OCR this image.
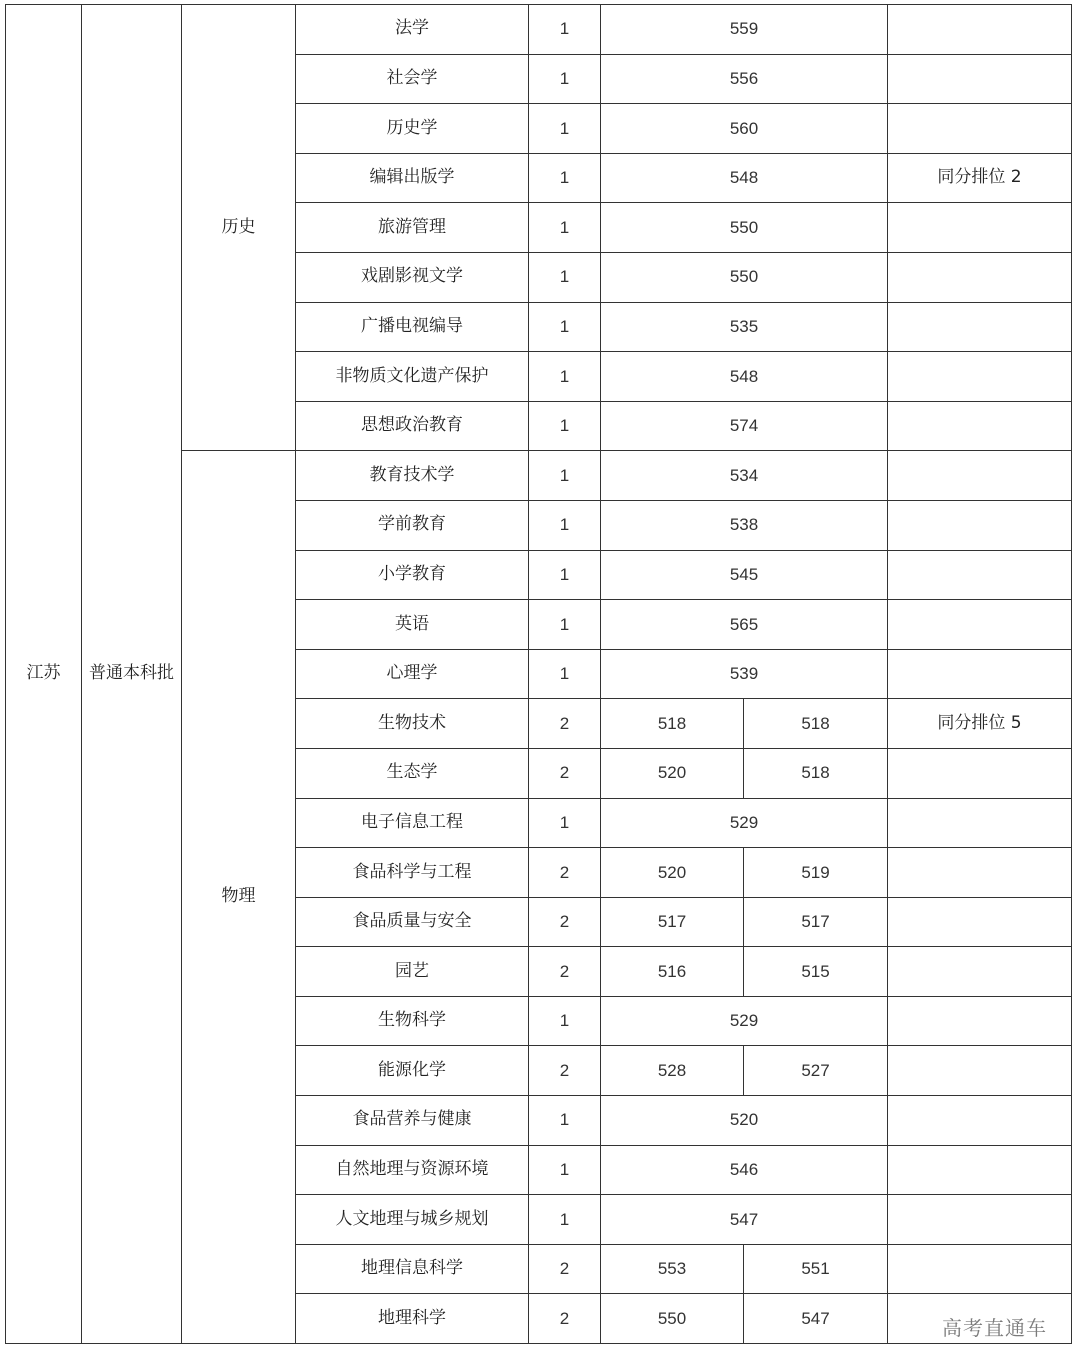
江苏	普通本科批	历史	法学	1	559		
			社会学	1	556		
			历史学	1	560		
			编辑出版学	1	548		同分排位 2
			旅游管理	1	550		
			戏剧影视文学	1	550		
			广播电视编导	1	535		
			非物质文化遗产保护	1	548		
			思想政治教育	1	574		
		物理	教育技术学	1	534		
			学前教育	1	538		
			小学教育	1	545		
			英语	1	565		
			心理学	1	539		
			生物技术	2	518	518	同分排位 5
			生态学	2	520	518	
			电子信息工程	1	529		
			食品科学与工程	2	520	519	
			食品质量与安全	2	517	517	
			园艺	2	516	515	
			生物科学	1	529		
			能源化学	2	528	527	
			食品营养与健康	1	520		
			自然地理与资源环境	1	546		
			人文地理与城乡规划	1	547		
			地理信息科学	2	553	551	
			地理科学	2	550	547		高考直通车
